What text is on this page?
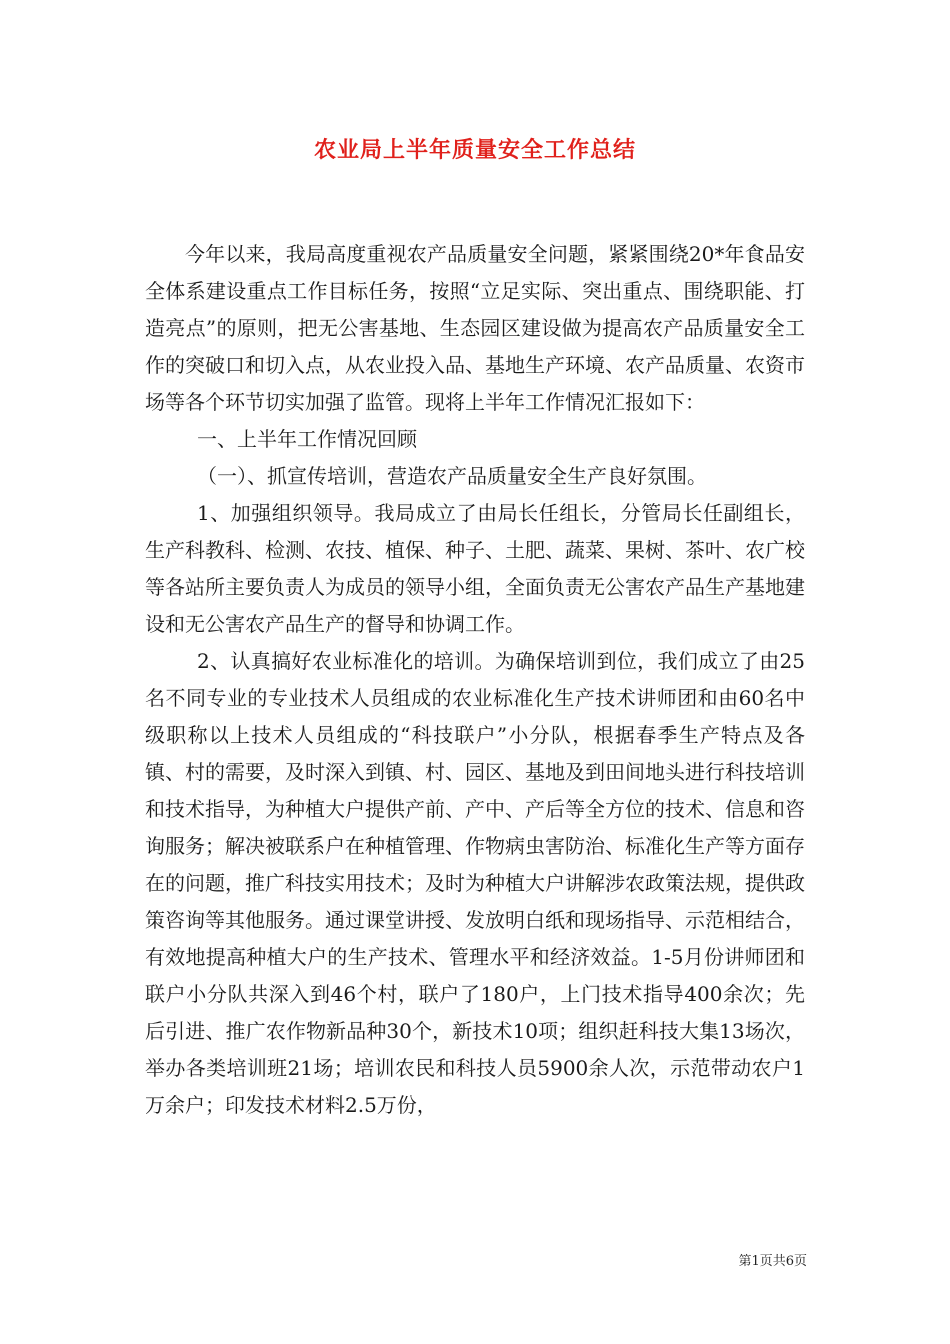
农业局上半年质量安全工作总结

今年以来，我局高度重视农产品质量安全问题，紧紧围绕20*年食品安全体系建设重点工作目标任务，按照“立足实际、突出重点、围绕职能、打造亮点”的原则，把无公害基地、生态园区建设做为提高农产品质量安全工作的突破口和切入点，从农业投入品、基地生产环境、农产品质量、农资市场等各个环节切实加强了监管。现将上半年工作情况汇报如下：

一、上半年工作情况回顾

（一）、抓宣传培训，营造农产品质量安全生产良好氛围。

1、加强组织领导。我局成立了由局长任组长，分管局长任副组长，生产科教科、检测、农技、植保、种子、土肥、蔬菜、果树、茶叶、农广校等各站所主要负责人为成员的领导小组，全面负责无公害农产品生产基地建设和无公害农产品生产的督导和协调工作。

2、认真搞好农业标准化的培训。为确保培训到位，我们成立了由25名不同专业的专业技术人员组成的农业标准化生产技术讲师团和由60名中级职称以上技术人员组成的“科技联户”小分队，根据春季生产特点及各镇、村的需要，及时深入到镇、村、园区、基地及到田间地头进行科技培训和技术指导，为种植大户提供产前、产中、产后等全方位的技术、信息和咨询服务；解决被联系户在种植管理、作物病虫害防治、标准化生产等方面存在的问题，推广科技实用技术；及时为种植大户讲解涉农政策法规，提供政策咨询等其他服务。通过课堂讲授、发放明白纸和现场指导、示范相结合，有效地提高种植大户的生产技术、管理水平和经济效益。1-5月份讲师团和联户小分队共深入到46个村，联户了180户，上门技术指导400余次；先后引进、推广农作物新品种30个，新技术10项；组织赶科技大集13场次，举办各类培训班21场；培训农民和科技人员5900余人次，示范带动农户1万余户；印发技术材料2.5万份，

第1页共6页
